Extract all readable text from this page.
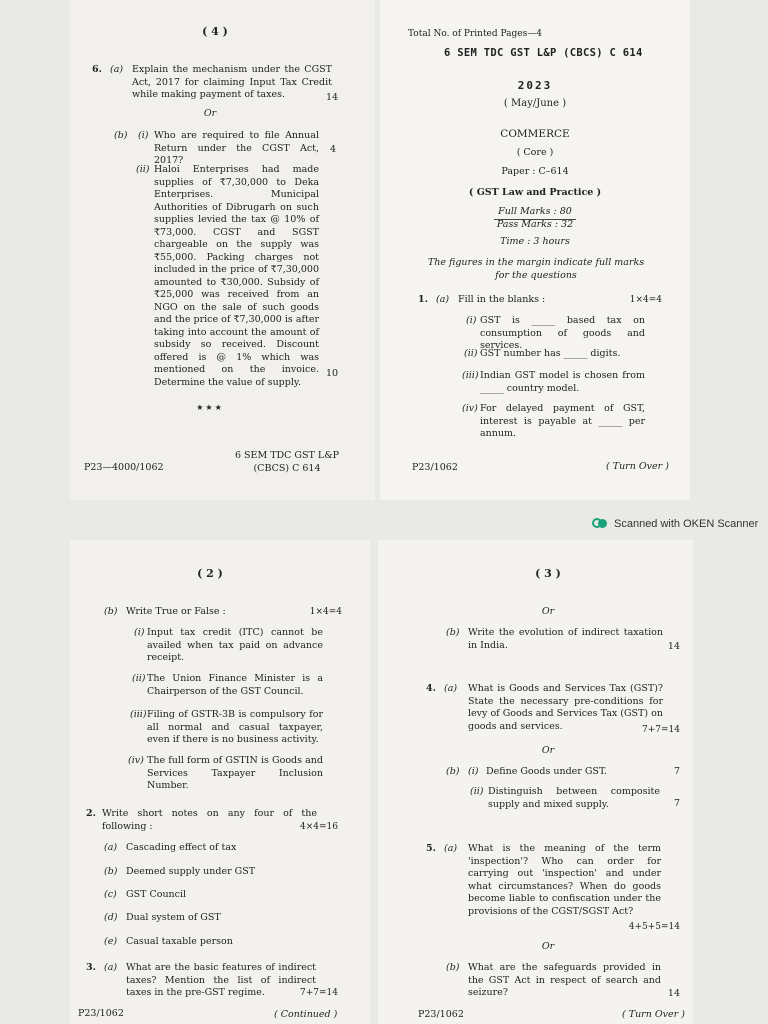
( 4 )
6. (a) Explain the mechanism under the CGST Act, 2017 for claiming Input Tax Credit while making payment of taxes.	14
Or
(b) (i) Who are required to file Annual Return under the CGST Act, 2017?
4
(ii) Haloi Enterprises had made supplies of ₹7,30,000 to Deka Enterprises. Municipal Authorities of Dibrugarh on such supplies levied the tax @ 10% of ₹73,000. CGST and SGST chargeable on the supply was ₹55,000. Packing charges not included in the price of ₹7,30,000 amounted to ₹30,000. Subsidy of ₹25,000 was received from an NGO on the sale of such goods and the price of ₹7,30,000 is after taking into account the amount of subsidy so received. Discount offered is @ 1% which was mentioned on the invoice. Determine the value of supply.
10
★★★
P23—4000/1062
6 SEM TDC GST L&P
(CBCS) C 614
Total No. of Printed Pages—4
6 SEM TDC GST L&P (CBCS) C 614
2023
( May/June )
COMMERCE
( Core )
Paper : C–614
( GST Law and Practice )
Full Marks : 80
Pass Marks : 32
Time : 3 hours
The figures in the margin indicate full marks for the questions
1. (a) Fill in the blanks :	1×4=4
(i) GST is _____ based tax on consumption of goods and services.
(ii) GST number has _____ digits.
(iii) Indian GST model is chosen from _____ country model.
(iv) For delayed payment of GST, interest is payable at _____ per annum.
P23/1062	( Turn Over )
Scanned with OKEN Scanner
( 2 )
(b) Write True or False :	1×4=4
(i) Input tax credit (ITC) cannot be availed when tax paid on advance receipt.
(ii) The Union Finance Minister is a Chairperson of the GST Council.
(iii) Filing of GSTR-3B is compulsory for all normal and casual taxpayer, even if there is no business activity.
(iv) The full form of GSTIN is Goods and Services Taxpayer Inclusion Number.
2. Write short notes on any four of the following :	4×4=16
(a) Cascading effect of tax
(b) Deemed supply under GST
(c) GST Council
(d) Dual system of GST
(e) Casual taxable person
3. (a) What are the basic features of indirect taxes? Mention the list of indirect taxes in the pre-GST regime.	7+7=14
P23/1062	( Continued )
( 3 )
Or
(b) Write the evolution of indirect taxation in India.	14
4. (a) What is Goods and Services Tax (GST)? State the necessary pre-conditions for levy of Goods and Services Tax (GST) on goods and services.	7+7=14
Or
(b) (i) Define Goods under GST.	7
(ii) Distinguish between composite supply and mixed supply.	7
5. (a) What is the meaning of the term 'inspection'? Who can order for carrying out 'inspection' and under what circumstances? When do goods become liable to confiscation under the provisions of the CGST/SGST Act?
4+5+5=14
Or
(b) What are the safeguards provided in the GST Act in respect of search and seizure?	14
P23/1062	( Turn Over )
